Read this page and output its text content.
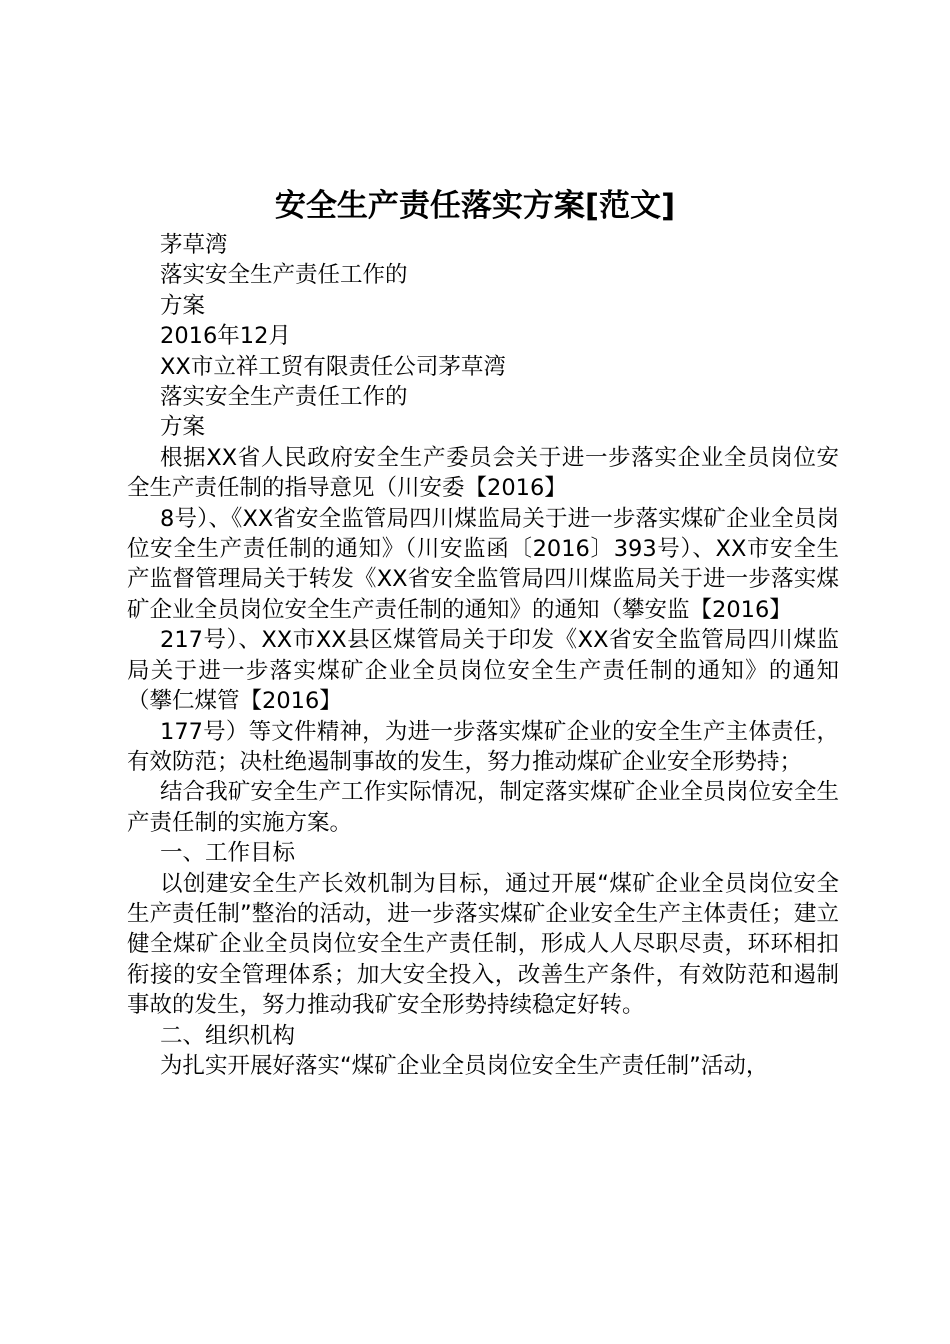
安全生产责任落实方案[范文]

茅草湾

落实安全生产责任工作的

方案

2016年12月

XX市立祥工贸有限责任公司茅草湾

落实安全生产责任工作的

方案

根据XX省人民政府安全生产委员会关于进一步落实企业全员岗位安全生产责任制的指导意见（川安委【2016】

8号）、《XX省安全监管局四川煤监局关于进一步落实煤矿企业全员岗位安全生产责任制的通知》（川安监函〔2016〕393号）、XX市安全生产监督管理局关于转发《XX省安全监管局四川煤监局关于进一步落实煤矿企业全员岗位安全生产责任制的通知》的通知（攀安监【2016】

217号）、XX市XX县区煤管局关于印发《XX省安全监管局四川煤监局关于进一步落实煤矿企业全员岗位安全生产责任制的通知》的通知（攀仁煤管【2016】

177号）等文件精神，为进一步落实煤矿企业的安全生产主体责任，有效防范；决杜绝遏制事故的发生，努力推动煤矿企业安全形势持；

结合我矿安全生产工作实际情况，制定落实煤矿企业全员岗位安全生产责任制的实施方案。

一、工作目标

以创建安全生产长效机制为目标，通过开展“煤矿企业全员岗位安全生产责任制”整治的活动，进一步落实煤矿企业安全生产主体责任；建立健全煤矿企业全员岗位安全生产责任制，形成人人尽职尽责，环环相扣衔接的安全管理体系；加大安全投入，改善生产条件，有效防范和遏制事故的发生，努力推动我矿安全形势持续稳定好转。

二、组织机构

为扎实开展好落实“煤矿企业全员岗位安全生产责任制”活动，
